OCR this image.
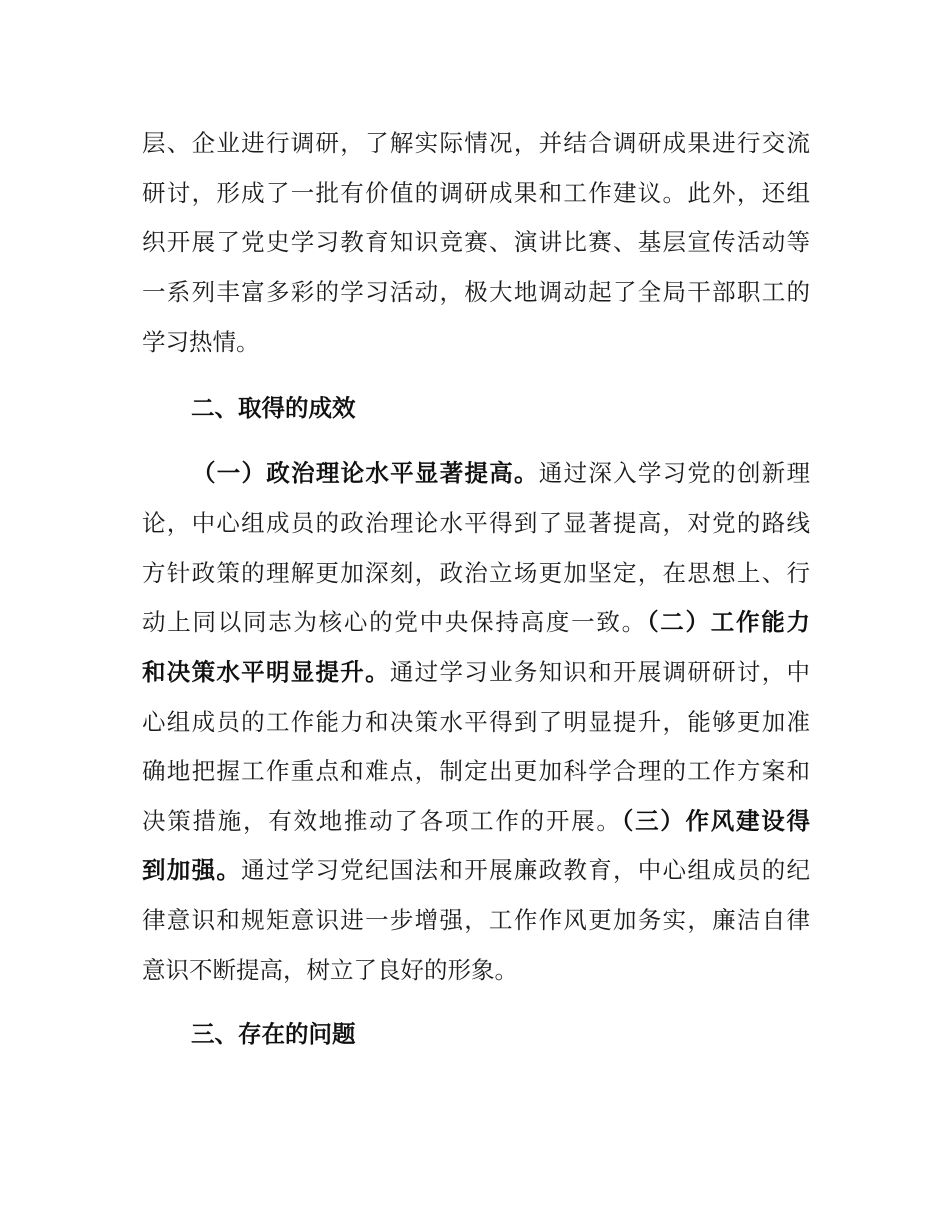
层、企业进行调研，了解实际情况，并结合调研成果进行交流
研讨，形成了一批有价值的调研成果和工作建议。此外，还组
织开展了党史学习教育知识竞赛、演讲比赛、基层宣传活动等
一系列丰富多彩的学习活动，极大地调动起了全局干部职工的
学习热情。
二、取得的成效
（一）政治理论水平显著提高。通过深入学习党的创新理
论，中心组成员的政治理论水平得到了显著提高，对党的路线
方针政策的理解更加深刻，政治立场更加坚定，在思想上、行
动上同以同志为核心的党中央保持高度一致。（二）工作能力
和决策水平明显提升。通过学习业务知识和开展调研研讨，中
心组成员的工作能力和决策水平得到了明显提升，能够更加准
确地把握工作重点和难点，制定出更加科学合理的工作方案和
决策措施，有效地推动了各项工作的开展。（三）作风建设得
到加强。通过学习党纪国法和开展廉政教育，中心组成员的纪
律意识和规矩意识进一步增强，工作作风更加务实，廉洁自律
意识不断提高，树立了良好的形象。
三、存在的问题
